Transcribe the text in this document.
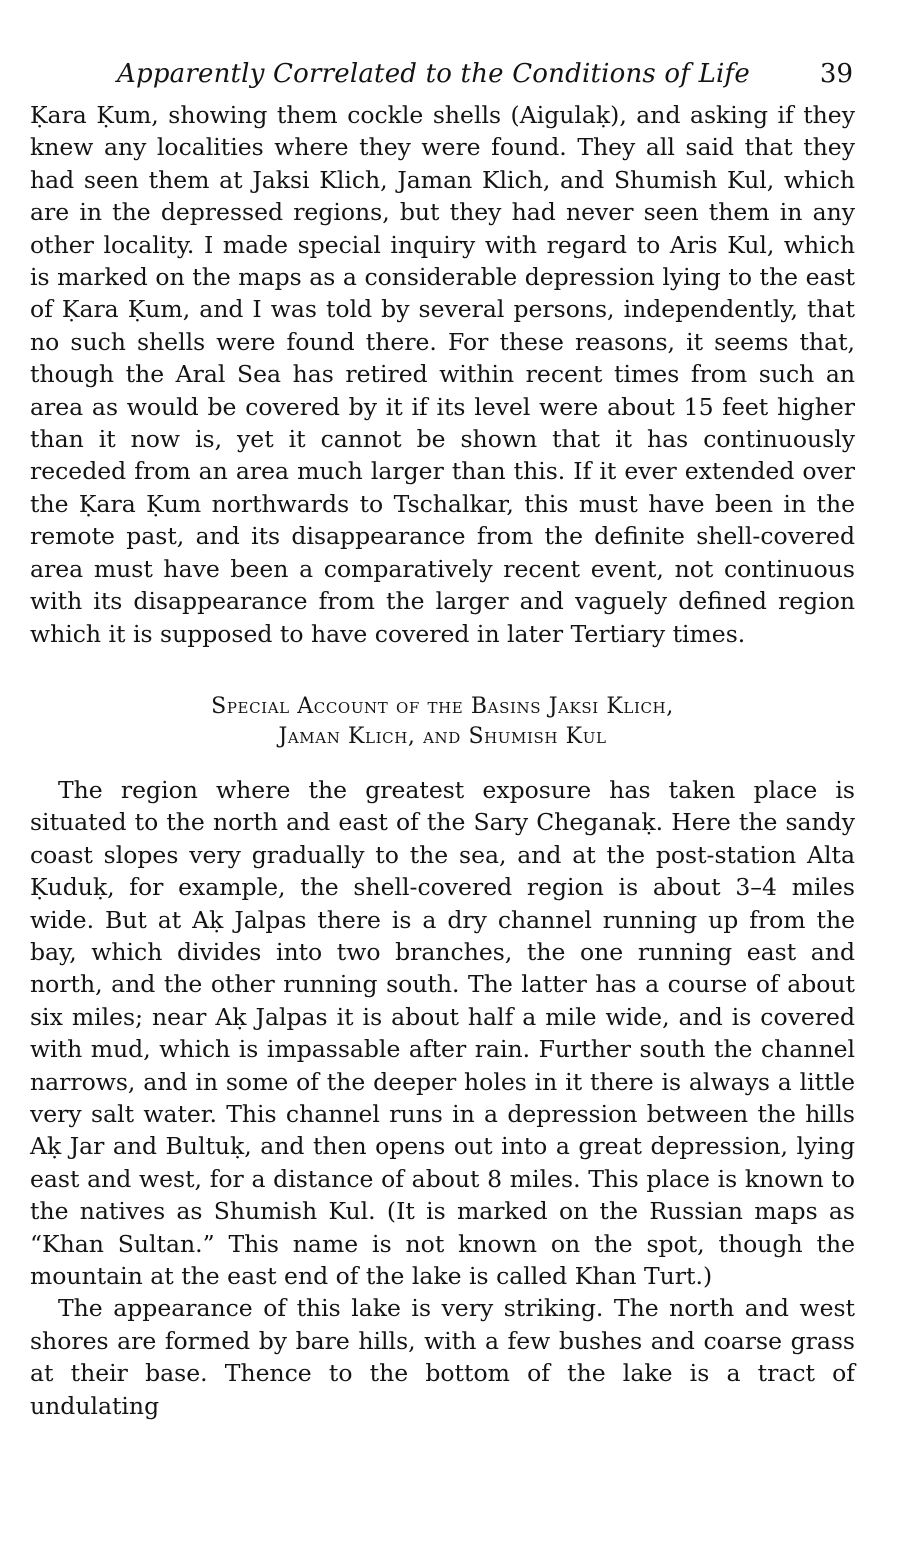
Apparently Correlated to the Conditions of Life	39

Ḳara Ḳum, showing them cockle shells (Aigulaḳ), and asking if they knew any localities where they were found. They all said that they had seen them at Jaksi Klich, Jaman Klich, and Shumish Kul, which are in the depressed regions, but they had never seen them in any other locality. I made special inquiry with regard to Aris Kul, which is marked on the maps as a considerable depression lying to the east of Ḳara Ḳum, and I was told by several persons, independently, that no such shells were found there. For these reasons, it seems that, though the Aral Sea has retired within recent times from such an area as would be covered by it if its level were about 15 feet higher than it now is, yet it cannot be shown that it has continuously receded from an area much larger than this. If it ever extended over the Ḳara Ḳum northwards to Tschalkar, this must have been in the remote past, and its disappearance from the definite shell-covered area must have been a comparatively recent event, not continuous with its disappearance from the larger and vaguely defined region which it is supposed to have covered in later Tertiary times.

Special Account of the Basins Jaksi Klich,
Jaman Klich, and Shumish Kul

The region where the greatest exposure has taken place is situated to the north and east of the Sary Cheganaḳ. Here the sandy coast slopes very gradually to the sea, and at the post-station Alta Ḳuduḳ, for example, the shell-covered region is about 3–4 miles wide. But at Aḳ Jalpas there is a dry channel running up from the bay, which divides into two branches, the one running east and north, and the other running south. The latter has a course of about six miles; near Aḳ Jalpas it is about half a mile wide, and is covered with mud, which is impassable after rain. Further south the channel narrows, and in some of the deeper holes in it there is always a little very salt water. This channel runs in a depression between the hills Aḳ Jar and Bultuḳ, and then opens out into a great depression, lying east and west, for a distance of about 8 miles. This place is known to the natives as Shumish Kul. (It is marked on the Russian maps as “Khan Sultan.” This name is not known on the spot, though the mountain at the east end of the lake is called Khan Turt.)

The appearance of this lake is very striking. The north and west shores are formed by bare hills, with a few bushes and coarse grass at their base. Thence to the bottom of the lake is a tract of undulating
